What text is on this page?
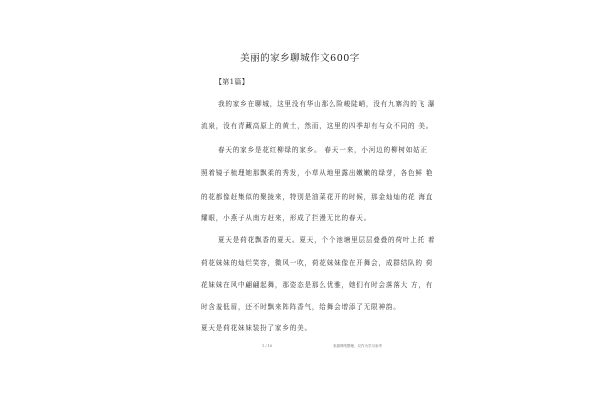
美丽的家乡聊城作文600字
【第1篇】
我的家乡在聊城，这里没有华山那么险峻陡峭，没有九寨沟的飞 瀑
流泉，没有青藏高原上的黄土，然而，这里的四季却有与众不同的 美。
春天的家乡是花红柳绿的家乡。 春天一来，小河边的柳树如姑正
照着镜子梳理她那飘柔的秀发，小草从地里露出嫩嫩的绿芽，各色鲜 艳
的花都像赶集似的聚拢来，特别是油菜花开的时候，那金灿灿的花 海直
耀眼，小燕子从南方赶来，形成了拦漫无比的春天。
夏天是荷花飘香的夏天。夏天，个个池塘里层层叠叠的荷叶上托 着
荷花妹妹的灿烂笑容，微风一吹，荷花妹妹像在开舞会，成群结队的 荷
花妹妹在风中翩翩起舞，那姿态是那么优雅，她们有时会落落大 方，有
时含羞低眉，还不时飘来阵阵香气，给舞会增添了无限神韵。
夏天是荷花妹妹装扮了家乡的美。
1 / 10	来源网络整理，仅作为学习参考
